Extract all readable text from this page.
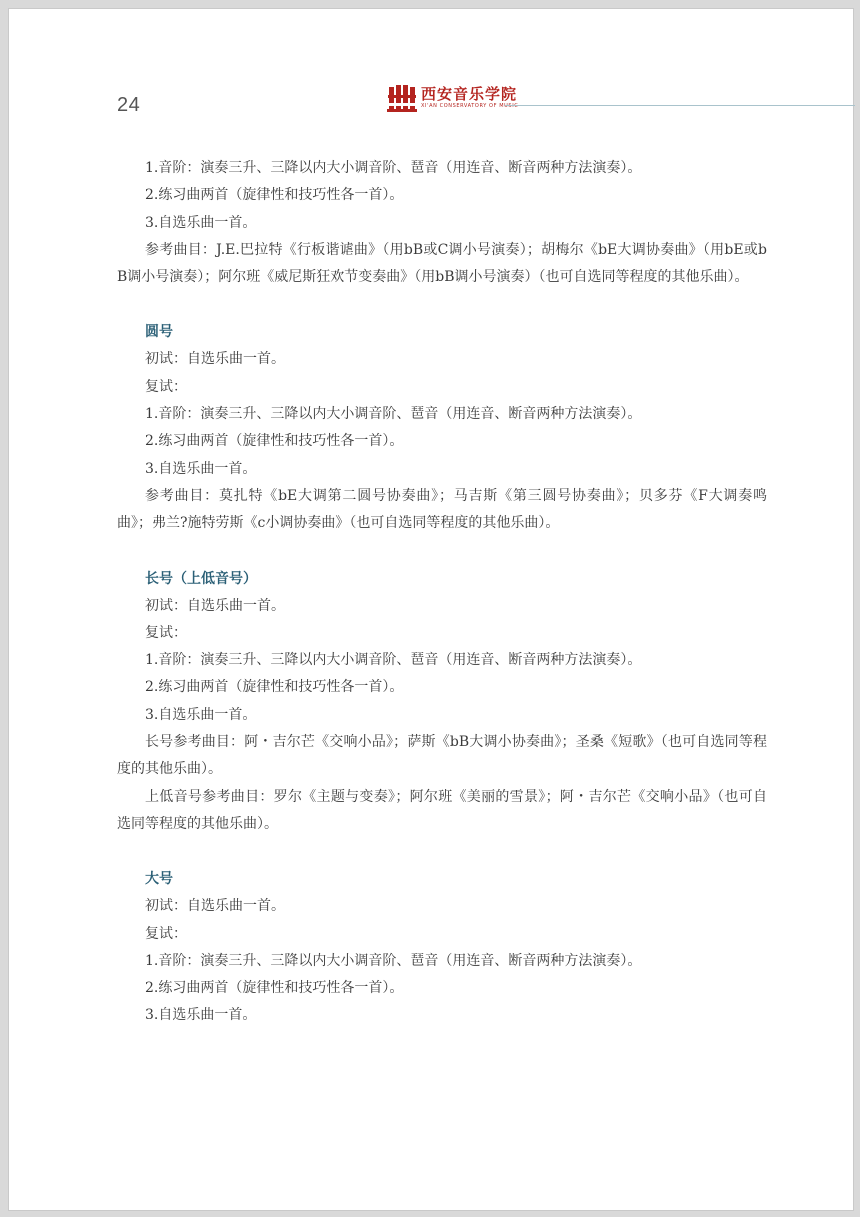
24	西安音乐学院
XI'AN CONSERVATORY OF MUSIC

1.音阶：演奏三升、三降以内大小调音阶、琶音（用连音、断音两种方法演奏）。

2.练习曲两首（旋律性和技巧性各一首）。

3.自选乐曲一首。

参考曲目：J.E.巴拉特《行板谐谑曲》（用bB或C调小号演奏）；胡梅尔《bE大调协奏曲》（用bE或bB调小号演奏）；阿尔班《威尼斯狂欢节变奏曲》（用bB调小号演奏）（也可自选同等程度的其他乐曲）。

圆号

初试：自选乐曲一首。

复试：

1.音阶：演奏三升、三降以内大小调音阶、琶音（用连音、断音两种方法演奏）。

2.练习曲两首（旋律性和技巧性各一首）。

3.自选乐曲一首。

参考曲目：莫扎特《bE大调第二圆号协奏曲》；马吉斯《第三圆号协奏曲》；贝多芬《F大调奏鸣曲》；弗兰?施特劳斯《c小调协奏曲》（也可自选同等程度的其他乐曲）。

长号（上低音号）

初试：自选乐曲一首。

复试：

1.音阶：演奏三升、三降以内大小调音阶、琶音（用连音、断音两种方法演奏）。

2.练习曲两首（旋律性和技巧性各一首）。

3.自选乐曲一首。

长号参考曲目：阿・吉尔芒《交响小品》；萨斯《bB大调小协奏曲》；圣桑《短歌》（也可自选同等程度的其他乐曲）。

上低音号参考曲目：罗尔《主题与变奏》；阿尔班《美丽的雪景》；阿・吉尔芒《交响小品》（也可自选同等程度的其他乐曲）。

大号

初试：自选乐曲一首。

复试：

1.音阶：演奏三升、三降以内大小调音阶、琶音（用连音、断音两种方法演奏）。

2.练习曲两首（旋律性和技巧性各一首）。

3.自选乐曲一首。
